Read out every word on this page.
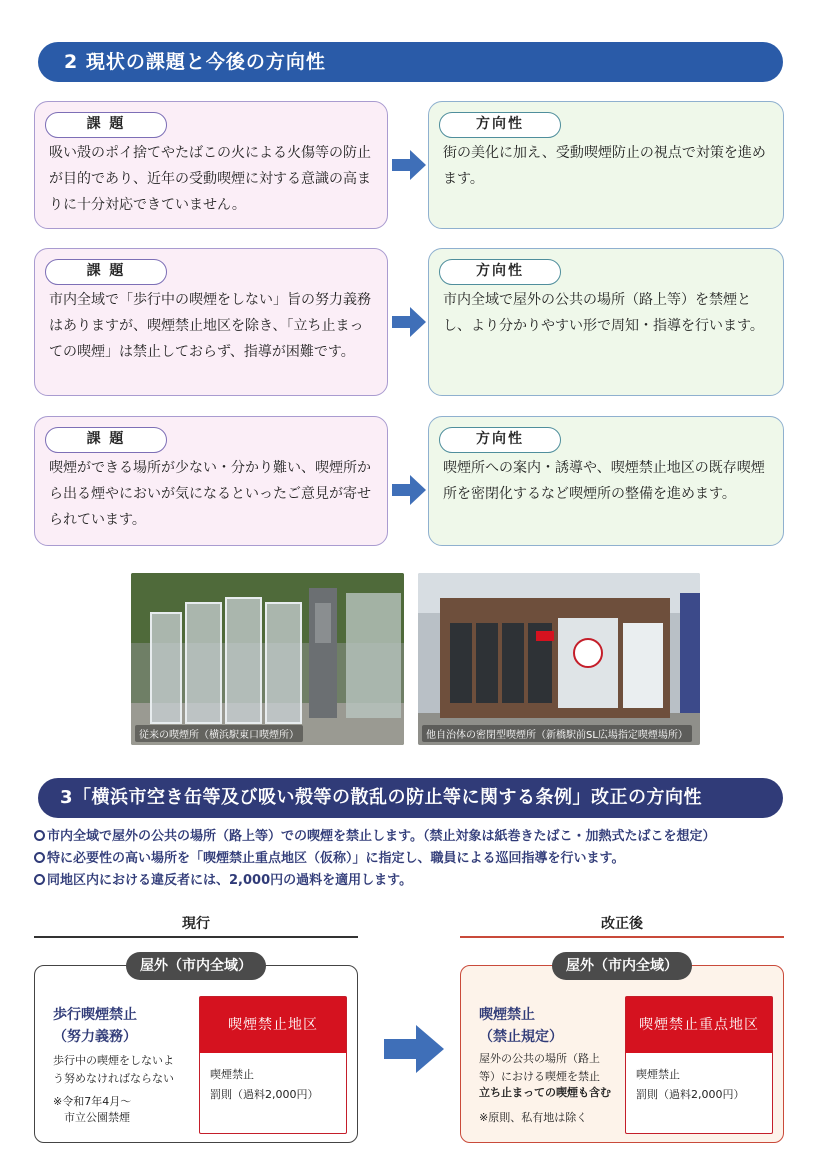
2 現状の課題と今後の方向性
課 題
吸い殻のポイ捨てやたばこの火による火傷等の防止が目的であり、近年の受動喫煙に対する意識の高まりに十分対応できていません。
方向性
街の美化に加え、受動喫煙防止の視点で対策を進めます。
課 題
市内全域で「歩行中の喫煙をしない」旨の努力義務はありますが、喫煙禁止地区を除き、「立ち止まっての喫煙」は禁止しておらず、指導が困難です。
方向性
市内全域で屋外の公共の場所（路上等）を禁煙とし、より分かりやすい形で周知・指導を行います。
課 題
喫煙ができる場所が少ない・分かり難い、喫煙所から出る煙やにおいが気になるといったご意見が寄せられています。
方向性
喫煙所への案内・誘導や、喫煙禁止地区の既存喫煙所を密閉化するなど喫煙所の整備を進めます。
従来の喫煙所（横浜駅東口喫煙所）	他自治体の密閉型喫煙所（新橋駅前SL広場指定喫煙場所）
3「横浜市空き缶等及び吸い殻等の散乱の防止等に関する条例」改正の方向性
市内全域で屋外の公共の場所（路上等）での喫煙を禁止します。（禁止対象は紙巻きたばこ・加熱式たばこを想定）
特に必要性の高い場所を「喫煙禁止重点地区（仮称）」に指定し、職員による巡回指導を行います。
同地区内における違反者には、2,000円の過料を適用します。
現行	改正後
屋外（市内全域）
歩行喫煙禁止
（努力義務）
歩行中の喫煙をしないよ
う努めなければならない
※令和7年4月～
　市立公園禁煙
喫煙禁止地区
喫煙禁止
罰則（過料2,000円）
屋外（市内全域）
喫煙禁止
（禁止規定）
屋外の公共の場所（路上
等）における喫煙を禁止
立ち止まっての喫煙も含む
※原則、私有地は除く
喫煙禁止重点地区
喫煙禁止
罰則（過料2,000円）
